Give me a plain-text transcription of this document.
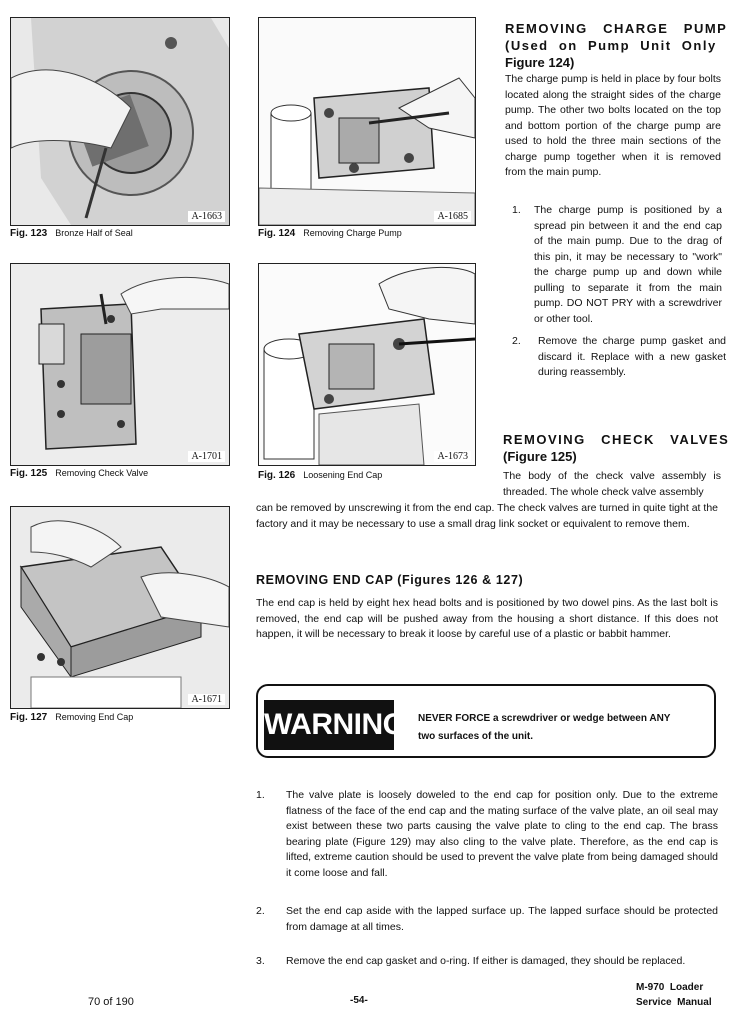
A-1663
Fig. 123 Bronze Half of Seal
A-1685
Fig. 124 Removing Charge Pump
A-1701
Fig. 125 Removing Check Valve
A-1673
Fig. 126 Loosening End Cap
A-1671
Fig. 127 Removing End Cap
REMOVING   CHARGE   PUMP
(Used  on  Pump  Unit  Only
Figure 124)
The charge pump is held in place by four bolts located along the straight sides of the charge pump. The other two bolts located on the top and bottom portion of the charge pump are used to hold the three main sections of the charge pump together when it is removed from the main pump.
1. The charge pump is positioned by a spread pin between it and the end cap of the main pump. Due to the drag of this pin, it may be necessary to "work" the charge pump up and down while pulling to separate it from the main pump. DO NOT PRY with a screwdriver or other tool.
2. Remove the charge pump gasket and discard it. Replace with a new gasket during reassembly.
REMOVING   CHECK   VALVES
(Figure 125)
The body of the check valve assembly is threaded. The whole check valve assembly
can be removed by unscrewing it from the end cap. The check valves are turned in quite tight at the factory and it may be necessary to use a small drag link socket or equivalent to remove them.
REMOVING END CAP (Figures 126 & 127)
The end cap is held by eight hex head bolts and is positioned by two dowel pins. As the last bolt is removed, the end cap will be pushed away from the housing a short distance. If this does not happen, it will be necessary to break it loose by careful use of a plastic or babbit hammer.
WARNING NEVER FORCE a screwdriver or wedge between ANY
two surfaces of the unit.
1. The valve plate is loosely doweled to the end cap for position only. Due to the extreme flatness of the face of the end cap and the mating surface of the valve plate, an oil seal may exist between these two parts causing the valve plate to cling to the end cap. The brass bearing plate (Figure 129) may also cling to the valve plate. Therefore, as the end cap is lifted, extreme caution should be used to prevent the valve plate from being damaged should it come loose and fall.
2. Set the end cap aside with the lapped surface up. The lapped surface should be protected from damage at all times.
3. Remove the end cap gasket and o-ring. If either is damaged, they should be replaced.
70 of 190	-54-
M-970  Loader
Service  Manual
